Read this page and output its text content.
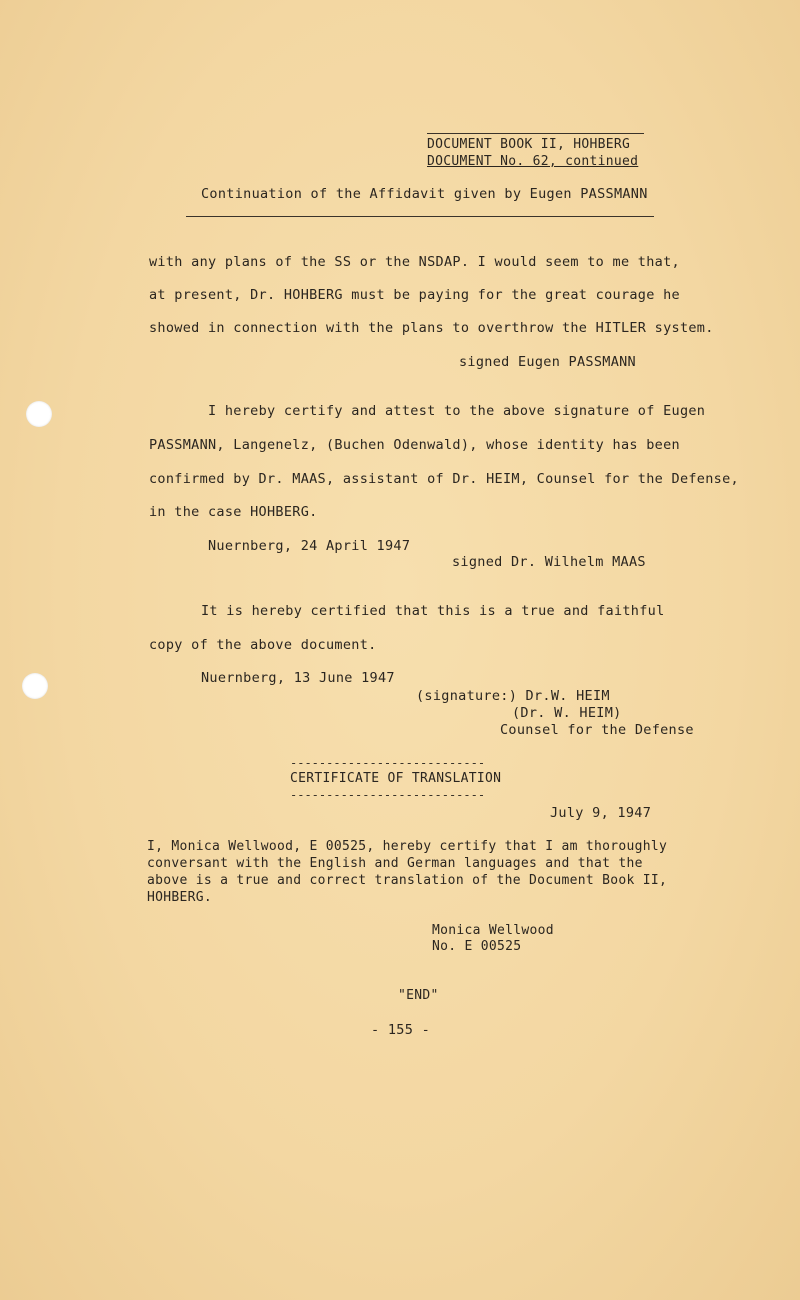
DOCUMENT BOOK II, HOHBERG
DOCUMENT No. 62, continued
Continuation of the Affidavit given by Eugen PASSMANN
with any plans of the SS or the NSDAP. I would seem to me that,
at present, Dr. HOHBERG must be paying for the great courage he
showed in connection with the plans to overthrow the HITLER system.
signed Eugen PASSMANN
I hereby certify and attest to the above signature of Eugen
PASSMANN, Langenelz, (Buchen Odenwald), whose identity has been
confirmed by Dr. MAAS, assistant of Dr. HEIM, Counsel for the Defense,
in the case HOHBERG.
Nuernberg, 24 April 1947
signed Dr. Wilhelm MAAS
It is hereby certified that this is a true and faithful
copy of the above document.
Nuernberg, 13 June 1947
(signature:) Dr.W. HEIM
(Dr. W. HEIM)
Counsel for the Defense
---------------------------
CERTIFICATE OF TRANSLATION
---------------------------
July 9, 1947
I, Monica Wellwood, E 00525, hereby certify that I am thoroughly
conversant with the English and German languages and that the
above is a true and correct translation of the Document Book II,
HOHBERG.
Monica Wellwood
No. E 00525
"END"
- 155 -
